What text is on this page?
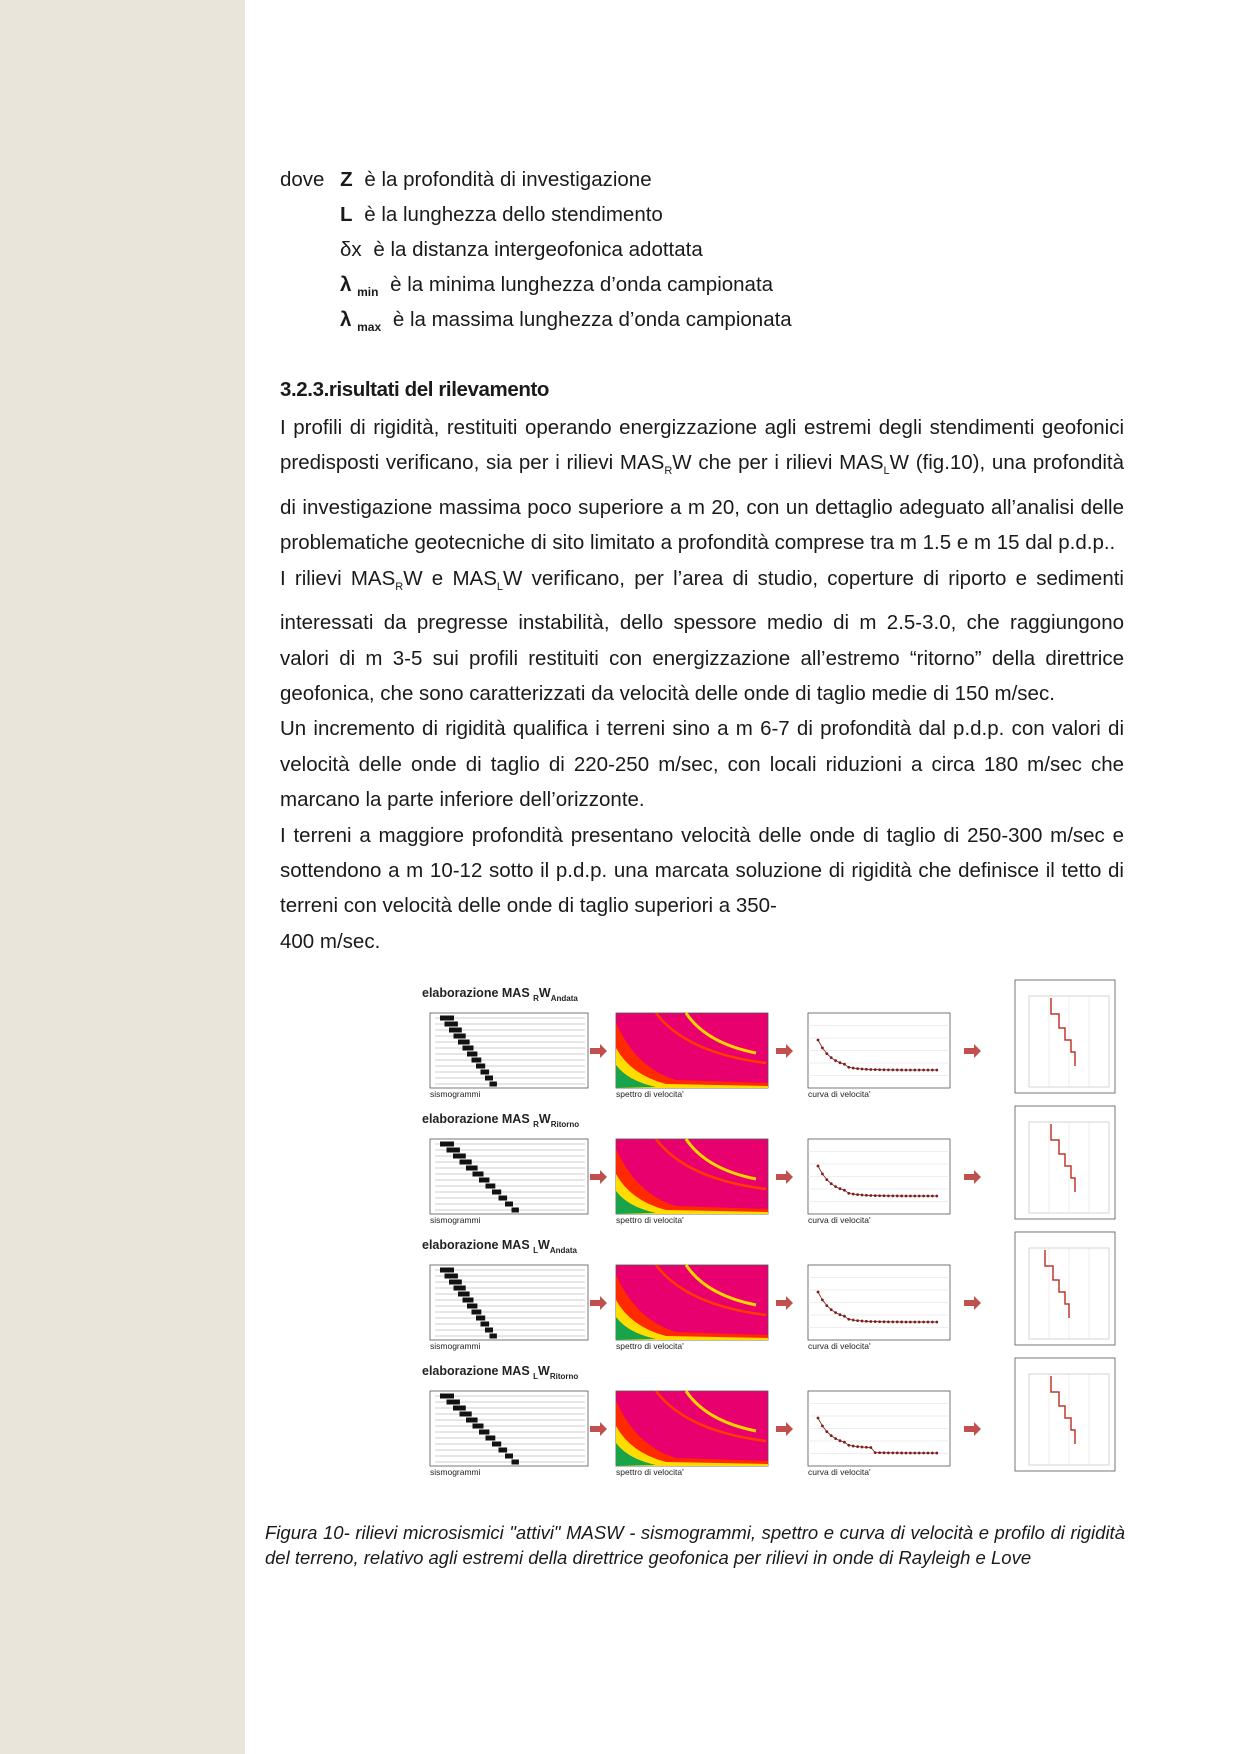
dove Z è la profondità di investigazione
L è la lunghezza dello stendimento
δx è la distanza intergeofonica adottata
λ $_{min}$ è la minima lunghezza d’onda campionata
λ $_{max}$ è la massima lunghezza d’onda campionata
3.2.3.risultati del rilevamento

I profili di rigidità, restituiti operando energizzazione agli estremi degli stendimenti geofonici predisposti verificano, sia per i rilievi $MAS_RW$ che per i rilievi $MAS_LW$ (fig.10), una profondità di investigazione massima poco superiore a m 20, con un dettaglio adeguato all’analisi delle problematiche geotecniche di sito limitato a profondità comprese tra m 1.5 e m 15 dal p.d.p..

I rilievi $MAS_RW$ e $MAS_LW$ verificano, per l’area di studio, coperture di riporto e sedimenti interessati da pregresse instabilità, dello spessore medio di m 2.5-3.0, che raggiungono valori di m 3-5 sui profili restituiti con energizzazione all’estremo “ritorno” della direttrice geofonica, che sono caratterizzati da velocità delle onde di taglio medie di 150 m/sec.

Un incremento di rigidità qualifica i terreni sino a m 6-7 di profondità dal p.d.p. con valori di velocità delle onde di taglio di 220-250 m/sec, con locali riduzioni a circa 180 m/sec che marcano la parte inferiore dell’orizzonte.

I terreni a maggiore profondità presentano velocità delle onde di taglio di 250-300 m/sec e sottendono a m 10-12 sotto il p.d.p. una marcata soluzione di rigidità che definisce il tetto di terreni con velocità delle onde di taglio superiori a 350-

400 m/sec.
elaborazione MAS $_RW_{Andata}$
sismogrammi	spettro di velocita'	curva di velocita'
elaborazione MAS $_RW_{Ritorno}$
sismogrammi	spettro di velocita'	curva di velocita'
elaborazione MAS $_LW_{Andata}$
sismogrammi	spettro di velocita'	curva di velocita'
elaborazione MAS $_LW_{Ritorno}$
sismogrammi	spettro di velocita'	curva di velocita'
Figura 10- rilievi microsismici "attivi" MASW - sismogrammi, spettro e curva di velocità e profilo di rigidità del terreno, relativo agli estremi della direttrice geofonica per rilievi in onde di Rayleigh e Love
